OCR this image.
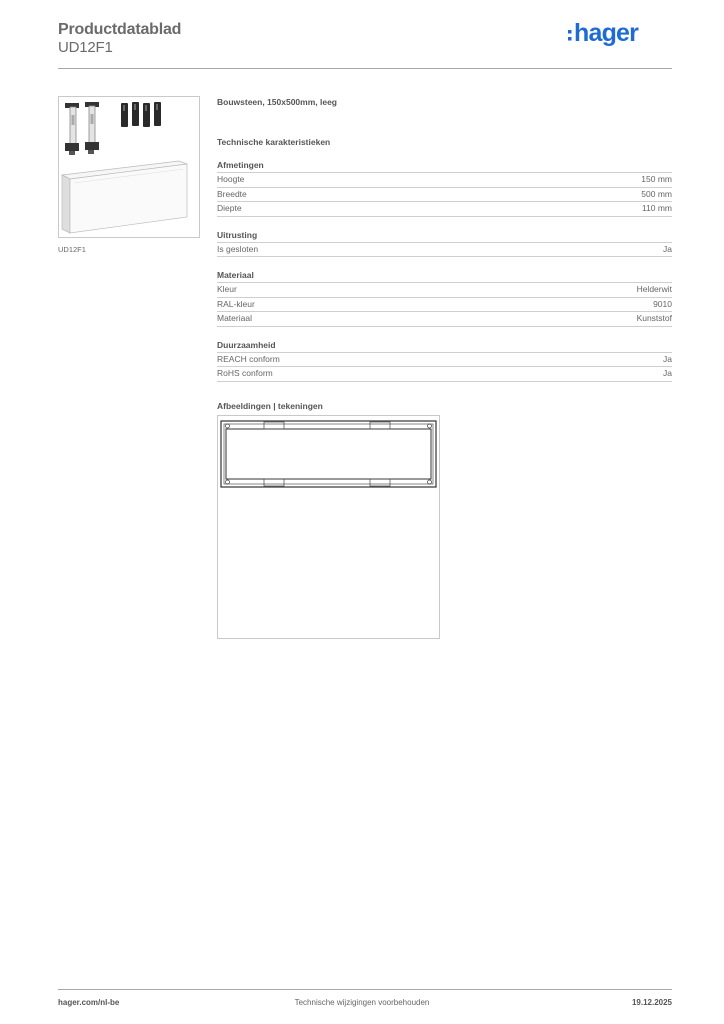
Productdatablad
UD12F1
hager
UD12F1
Bouwsteen, 150x500mm, leeg
Technische karakteristieken
Afmetingen
Hoogte	150 mm
Breedte	500 mm
Diepte	110 mm
Uitrusting
Is gesloten	Ja
Materiaal
Kleur	Helderwit
RAL-kleur	9010
Materiaal	Kunststof
Duurzaamheid
REACH conform	Ja
RoHS conform	Ja
Afbeeldingen | tekeningen
hager.com/nl-be	Technische wijzigingen voorbehouden	19.12.2025
